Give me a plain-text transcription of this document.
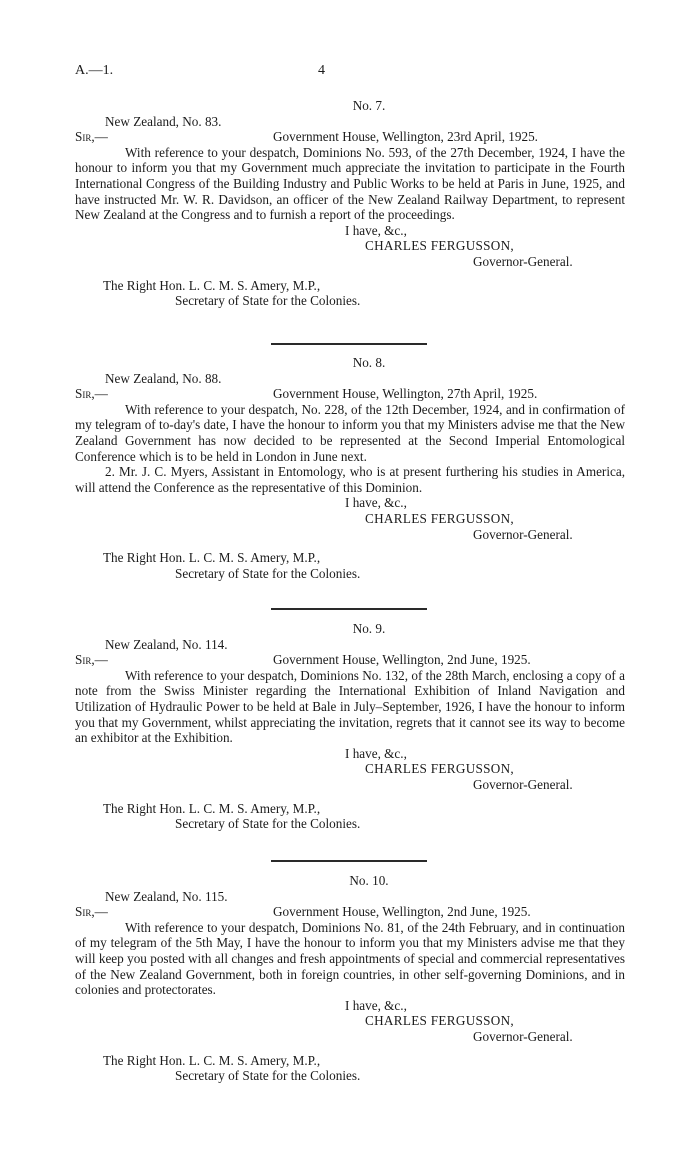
A.—1.	4
No. 7.
New Zealand, No. 83.
Sir,—	Government House, Wellington, 23rd April, 1925.

With reference to your despatch, Dominions No. 593, of the 27th December, 1924, I have the honour to inform you that my Government much appreciate the invitation to participate in the Fourth International Congress of the Building Industry and Public Works to be held at Paris in June, 1925, and have instructed Mr. W. R. Davidson, an officer of the New Zealand Railway Department, to represent New Zealand at the Congress and to furnish a report of the proceedings.

I have, &c.,
CHARLES FERGUSSON,
Governor-General.
The Right Hon. L. C. M. S. Amery, M.P.,
Secretary of State for the Colonies.
No. 8.
New Zealand, No. 88.
Sir,—	Government House, Wellington, 27th April, 1925.

With reference to your despatch, No. 228, of the 12th December, 1924, and in confirmation of my telegram of to-day's date, I have the honour to inform you that my Ministers advise me that the New Zealand Government has now decided to be represented at the Second Imperial Entomological Conference which is to be held in London in June next.

2. Mr. J. C. Myers, Assistant in Entomology, who is at present furthering his studies in America, will attend the Conference as the representative of this Dominion.

I have, &c.,
CHARLES FERGUSSON,
Governor-General.
The Right Hon. L. C. M. S. Amery, M.P.,
Secretary of State for the Colonies.
No. 9.
New Zealand, No. 114.
Sir,—	Government House, Wellington, 2nd June, 1925.

With reference to your despatch, Dominions No. 132, of the 28th March, enclosing a copy of a note from the Swiss Minister regarding the International Exhibition of Inland Navigation and Utilization of Hydraulic Power to be held at Bale in July–September, 1926, I have the honour to inform you that my Government, whilst appreciating the invitation, regrets that it cannot see its way to become an exhibitor at the Exhibition.

I have, &c.,
CHARLES FERGUSSON,
Governor-General.
The Right Hon. L. C. M. S. Amery, M.P.,
Secretary of State for the Colonies.
No. 10.
New Zealand, No. 115.
Sir,—	Government House, Wellington, 2nd June, 1925.

With reference to your despatch, Dominions No. 81, of the 24th February, and in continuation of my telegram of the 5th May, I have the honour to inform you that my Ministers advise me that they will keep you posted with all changes and fresh appointments of special and commercial representatives of the New Zealand Government, both in foreign countries, in other self-governing Dominions, and in colonies and protectorates.

I have, &c.,
CHARLES FERGUSSON,
Governor-General.
The Right Hon. L. C. M. S. Amery, M.P.,
Secretary of State for the Colonies.
